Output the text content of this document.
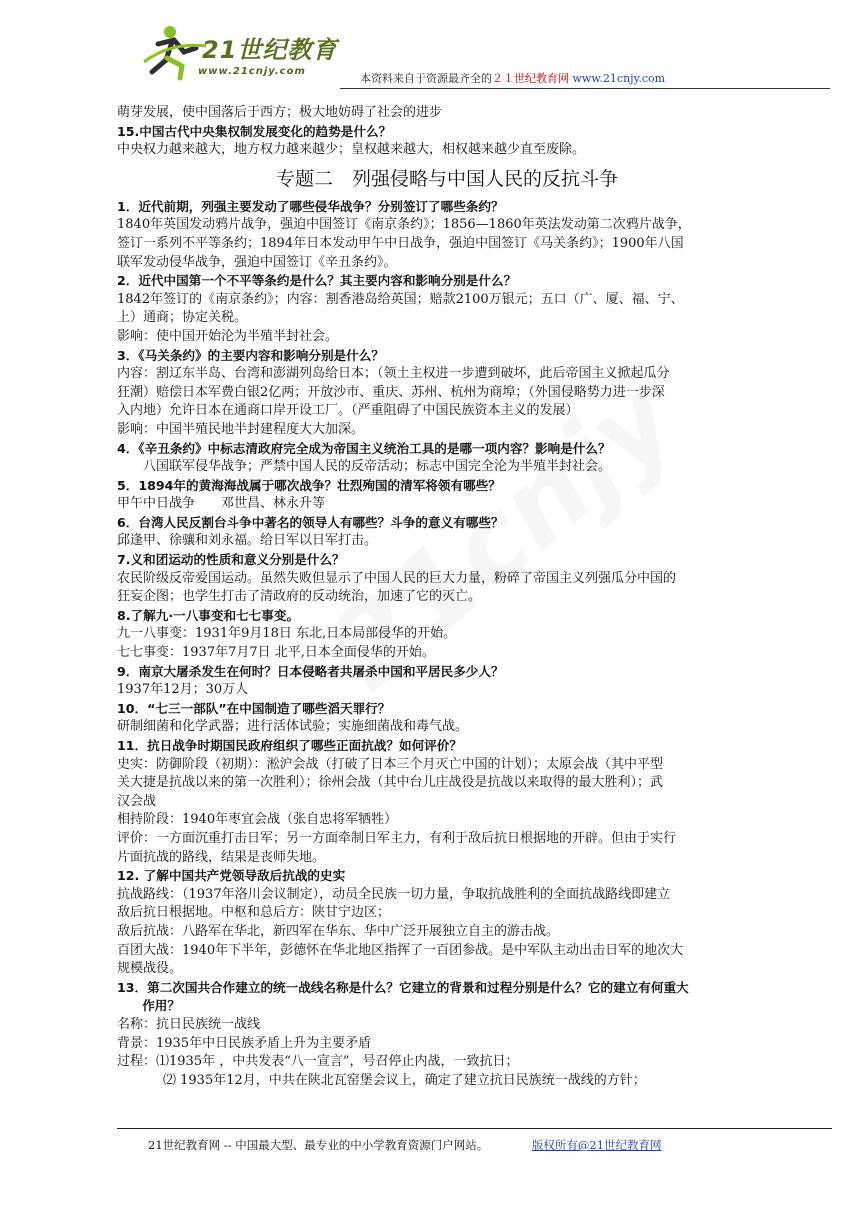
21世纪教育
www.21cnjy.com
本资料来自于资源最齐全的２１世纪教育网 www.21cnjy.com
萌芽发展，使中国落后于西方；极大地妨碍了社会的进步
15.中国古代中央集权制发展变化的趋势是什么？
中央权力越来越大，地方权力越来越少；皇权越来越大，相权越来越少直至废除。
专题二　列强侵略与中国人民的反抗斗争
1．近代前期，列强主要发动了哪些侵华战争？分别签订了哪些条约？
1840年英国发动鸦片战争，强迫中国签订《南京条约》；1856—1860年英法发动第二次鸦片战争，
签订一系列不平等条约；1894年日本发动甲午中日战争，强迫中国签订《马关条约》；1900年八国
联军发动侵华战争，强迫中国签订《辛丑条约》。
2．近代中国第一个不平等条约是什么？其主要内容和影响分别是什么？
1842年签订的《南京条约》；内容：割香港岛给英国；赔款2100万银元；五口（广、厦、福、宁、
上）通商；协定关税。
影响：使中国开始沦为半殖半封社会。
3．《马关条约》的主要内容和影响分别是什么？
内容：割辽东半岛、台湾和澎湖列岛给日本；（领土主权进一步遭到破坏，此后帝国主义掀起瓜分
狂潮）赔偿日本军费白银2亿两；开放沙市、重庆、苏州、杭州为商埠；（外国侵略势力进一步深
入内地）允许日本在通商口岸开设工厂。（严重阻碍了中国民族资本主义的发展）
影响：中国半殖民地半封建程度大大加深。
4．《辛丑条约》中标志清政府完全成为帝国主义统治工具的是哪一项内容？影响是什么？
　　八国联军侵华战争；严禁中国人民的反帝活动；标志中国完全沦为半殖半封社会。
5．1894年的黄海海战属于哪次战争？壮烈殉国的清军将领有哪些？
甲午中日战争　　邓世昌、林永升等
6．台湾人民反割台斗争中著名的领导人有哪些？斗争的意义有哪些？
邱逢甲、徐骧和刘永福。给日军以日军打击。
7.义和团运动的性质和意义分别是什么？
农民阶级反帝爱国运动。虽然失败但显示了中国人民的巨大力量，粉碎了帝国主义列强瓜分中国的
狂妄企图；也学生打击了清政府的反动统治，加速了它的灭亡。
8.了解九·一八事变和七七事变。
九一八事变：1931年9月18日 东北,日本局部侵华的开始。
七七事变：1937年7月7日 北平,日本全面侵华的开始。
9．南京大屠杀发生在何时？日本侵略者共屠杀中国和平居民多少人？
1937年12月；30万人
10．“七三一部队”在中国制造了哪些滔天罪行？
研制细菌和化学武器；进行活体试验；实施细菌战和毒气战。
11．抗日战争时期国民政府组织了哪些正面抗战？如何评价？
史实：防御阶段（初期）：淞沪会战（打破了日本三个月灭亡中国的计划）；太原会战（其中平型
关大捷是抗战以来的第一次胜利）；徐州会战（其中台儿庄战役是抗战以来取得的最大胜利）；武
汉会战
相持阶段：1940年枣宜会战（张自忠将军牺牲）
评价：一方面沉重打击日军；另一方面牵制日军主力，有利于敌后抗日根据地的开辟。但由于实行
片面抗战的路线，结果是丧师失地。
12. 了解中国共产党领导敌后抗战的史实
抗战路线：（1937年洛川会议制定），动员全民族一切力量，争取抗战胜利的全面抗战路线即建立
敌后抗日根据地。中枢和总后方：陕甘宁边区；
敌后抗战：八路军在华北，新四军在华东、华中广泛开展独立自主的游击战。
百团大战：1940年下半年，彭德怀在华北地区指挥了一百团参战。是中军队主动出击日军的地次大
规模战役。
13．第二次国共合作建立的统一战线名称是什么？它建立的背景和过程分别是什么？它的建立有何重大
　　作用？
名称：抗日民族统一战线
背景：1935年中日民族矛盾上升为主要矛盾
过程：⑴1935年 ，中共发表“八一宣言”，号召停止内战，一致抗日；
⑵ 1935年12月，中共在陕北瓦窑堡会议上，确定了建立抗日民族统一战线的方针；
21世纪教育网 -- 中国最大型、最专业的中小学教育资源门户网站。	版权所有@21世纪教育网
